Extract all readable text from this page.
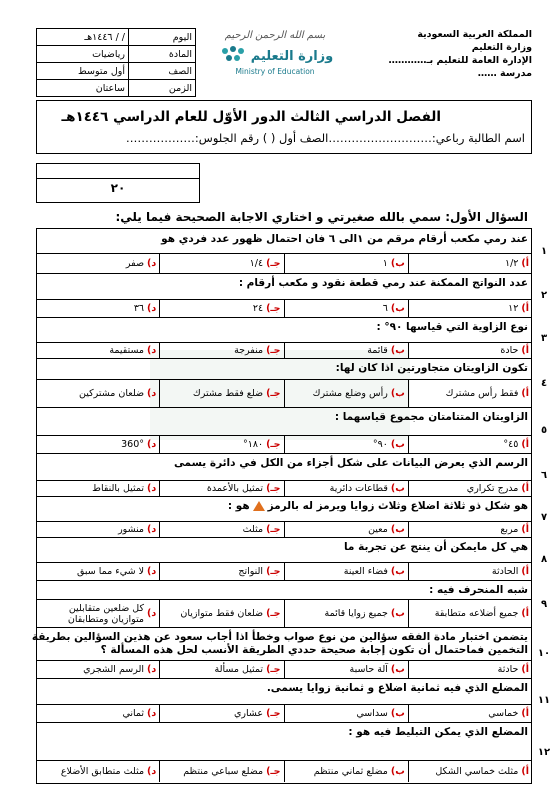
المملكة العربية السعودية
وزارة التعليم
الإدارة العامة للتعليم بـ…………
مدرسة ……
بسم الله الرحمن الرحيم
وزارة التعليم
Ministry of Education
اليوم	/ / ١٤٤٦هـ
المادة	رياضيات
الصف	أول متوسط
الزمن	ساعتان
الفصل الدراسي الثالث الدور الأوّل للعام الدراسي ١٤٤٦هـ
اسم الطالبة رباعي:………………………الصف أول ( ) رقم الجلوس:………………
٢٠
السؤال الأول: سمي بالله صغيرتي و اختاري الاجابة الصحيحة فيما يلي:
١
عند رمي مكعب أرقام مرقم من ١الى ٦ فان احتمال ظهور عدد فردي هو
أ)
١/٢
ب)
١
جـ)
١/٤
د)
صفر
٢
عدد النواتج الممكنة عند رمي قطعة نقود و مكعب أرقام :
أ)
١٢
ب)
٦
جـ)
٢٤
د)
٣٦
٣
نوع الزاوية التي قياسها ٩٠° :
أ)
حادة
ب)
قائمة
جـ)
منفرجة
د)
مستقيمة
٤
تكون الزاويتان متجاورتين اذا كان لها:
أ)
فقط رأس مشترك
ب)
رأس وضلع مشترك
جـ)
ضلع فقط مشترك
د)
ضلعان مشتركين
٥
الزاويتان المتتامتان مجموع قياسهما :
أ)
٤٥°
ب)
٩٠°
جـ)
١٨٠°
د)
360°
٦
الرسم الذي يعرض البيانات على شكل أجزاء من الكل في دائرة يسمى
أ)
مدرج تكراري
ب)
قطاعات دائرية
جـ)
تمثيل بالأعمدة
د)
تمثيل بالنقاط
٧
هو شكل ذو ثلاثة اضلاع وثلاث زوايا ويرمز له بالرمزهو :
أ)
مربع
ب)
معين
جـ)
مثلث
د)
منشور
٨
هي كل مايمكن أن ينتج عن تجربة ما
أ)
الحادثة
ب)
فضاء العينة
جـ)
النواتج
د)
لا شيء مما سبق
٩
شبه المنحرف فيه :
أ)
جميع أضلاعه متطابقة
ب)
جميع زوايا قائمة
جـ)
ضلعان فقط متوازيان
د)
كل ضلعين متقابلين متوازيان ومتطابقان
١٠
يتضمن اختبار مادة الفقه سؤالين من نوع صواب وخطأ اذا أجاب سعود عن هذين السؤالين بطريقة
التخمين فماحتمال أن تكون إجابة صحيحة حددي الطريقة الأنسب لحل هذه المسألة ؟
أ)
حادثة
ب)
آلة حاسبة
جـ)
تمثيل مسألة
د)
الرسم الشجري
١١
المضلع الذي فيه ثمانية اضلاع و ثمانية زوايا يسمى.
أ)
خماسي
ب)
سداسي
جـ)
عشاري
د)
ثماني
١٢
المضلع الذي يمكن التبليط فيه هو :
أ)
مثلث خماسي الشكل
ب)
مضلع ثماني منتظم
جـ)
مضلع سباعي منتظم
د)
مثلث متطابق الأضلاع
